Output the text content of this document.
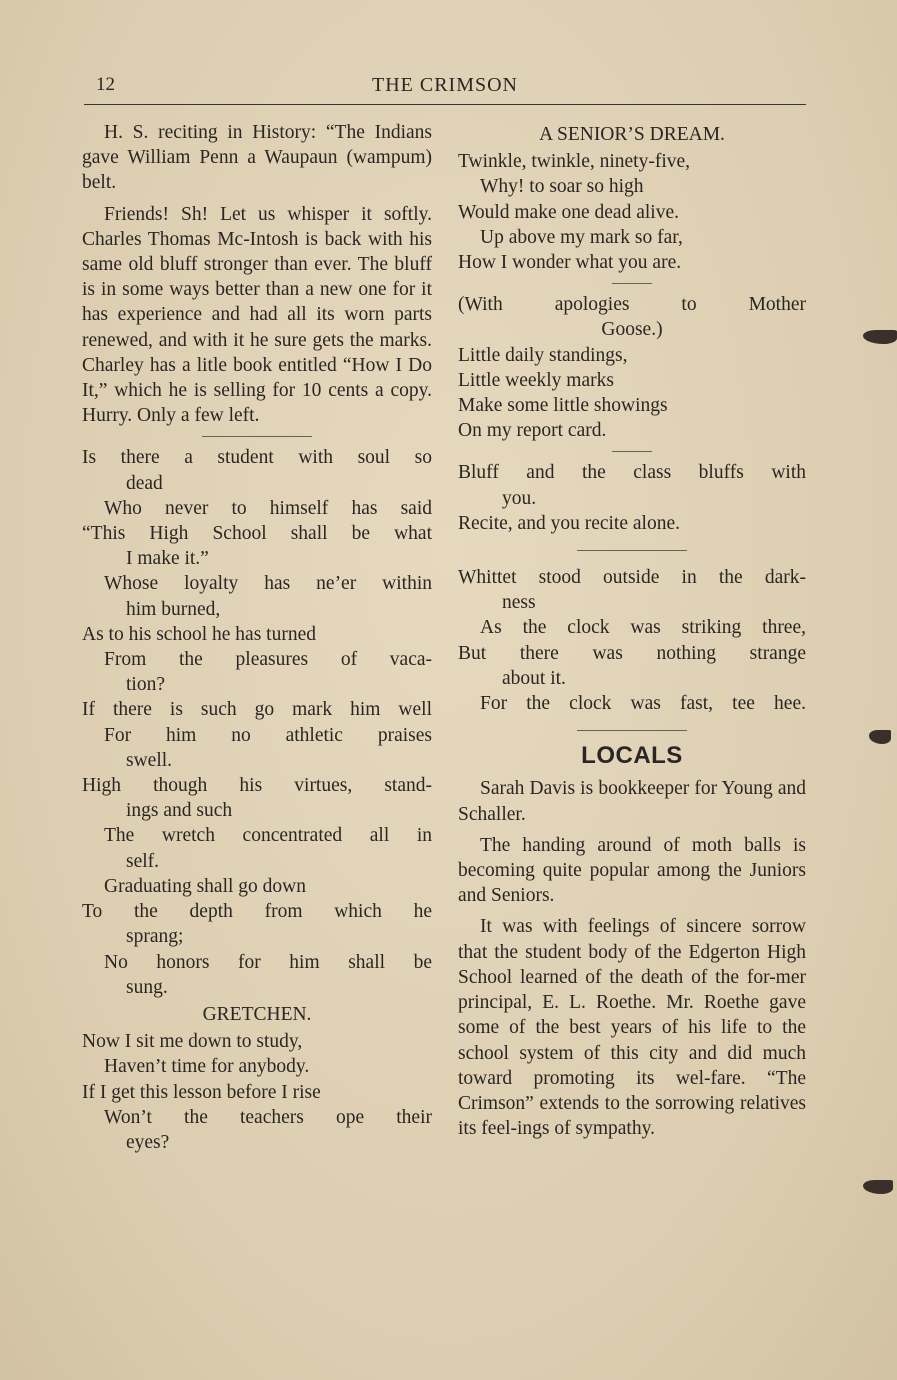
12	THE CRIMSON

H. S. reciting in History: “The Indians gave William Penn a Waupaun (wampum) belt.

Friends! Sh! Let us whisper it softly. Charles Thomas Mc-Intosh is back with his same old bluff stronger than ever. The bluff is in some ways better than a new one for it has experience and had all its worn parts renewed, and with it he sure gets the marks. Charley has a litle book entitled “How I Do It,” which he is selling for 10 cents a copy. Hurry. Only a few left.

Is there a student with soul so
dead
Who never to himself has said
“This High School shall be what
I make it.”
Whose loyalty has ne’er within
him burned,
As to his school he has turned
From the pleasures of vaca-
tion?
If there is such go mark him well
For him no athletic praises
swell.
High though his virtues, stand-
ings and such
The wretch concentrated all in
self.
Graduating shall go down
To the depth from which he
sprang;
No honors for him shall be
sung.
GRETCHEN.
Now I sit me down to study,
Haven’t time for anybody.
If I get this lesson before I rise
Won’t the teachers ope their
eyes?
A SENIOR’S DREAM.
Twinkle, twinkle, ninety-five,
Why! to soar so high
Would make one dead alive.
Up above my mark so far,
How I wonder what you are.
(With apologies to Mother
Goose.)
Little daily standings,
Little weekly marks
Make some little showings
On my report card.
Bluff and the class bluffs with
you.
Recite, and you recite alone.
Whittet stood outside in the dark-
ness
As the clock was striking three,
But there was nothing strange
about it.
For the clock was fast, tee hee.
LOCALS

Sarah Davis is bookkeeper for Young and Schaller.

The handing around of moth balls is becoming quite popular among the Juniors and Seniors.

It was with feelings of sincere sorrow that the student body of the Edgerton High School learned of the death of the for-mer principal, E. L. Roethe. Mr. Roethe gave some of the best years of his life to the school system of this city and did much toward promoting its wel-fare. “The Crimson” extends to the sorrowing relatives its feel-ings of sympathy.
